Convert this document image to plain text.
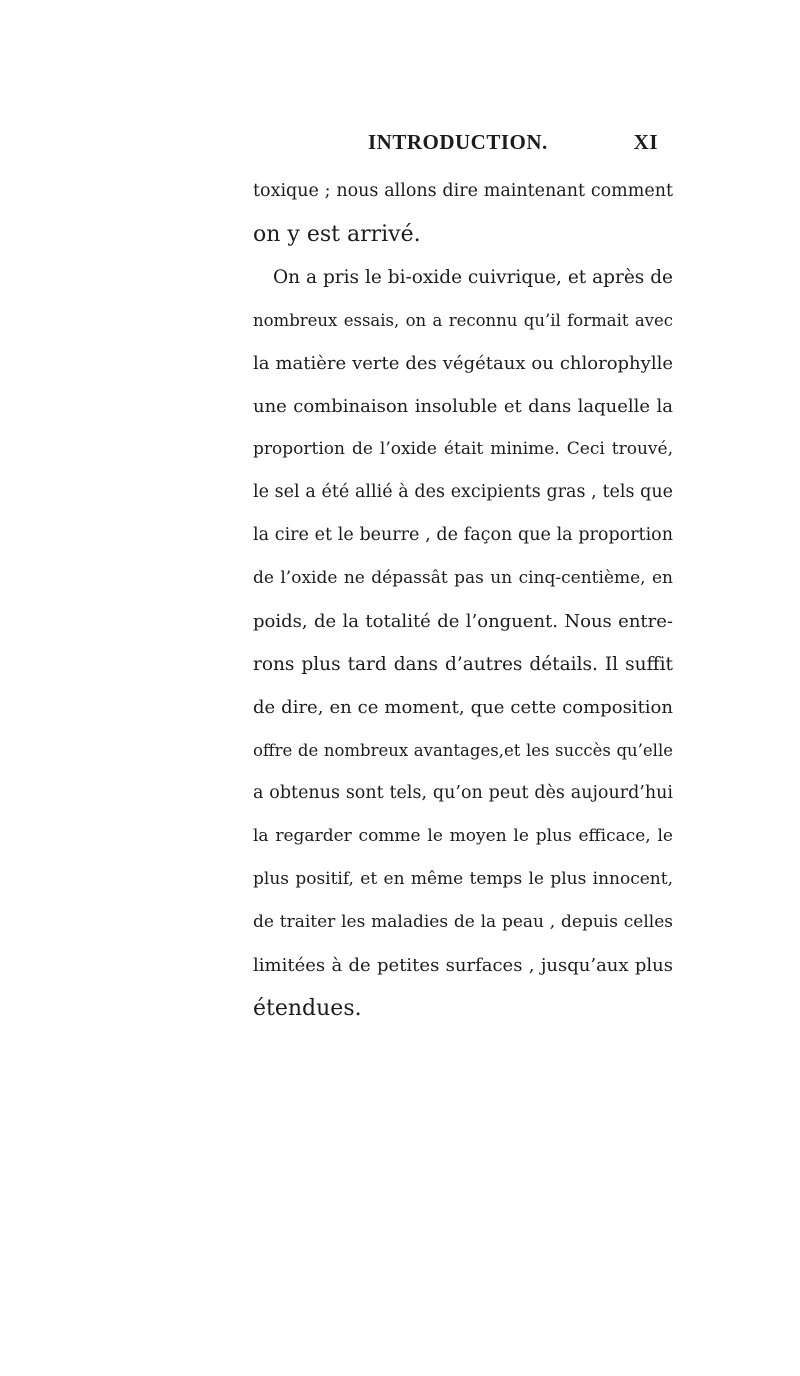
INTRODUCTION.	XI
toxique ; nous allons dire maintenant comment
on y est arrivé.
On a pris le bi-oxide cuivrique, et après de
nombreux essais, on a reconnu qu’il formait avec
la matière verte des végétaux ou chlorophylle
une combinaison insoluble et dans laquelle la
proportion de l’oxide était minime. Ceci trouvé,
le sel a été allié à des excipients gras , tels que
la cire et le beurre , de façon que la proportion
de l’oxide ne dépassât pas un cinq-centième, en
poids, de la totalité de l’onguent. Nous entre-
rons plus tard dans d’autres détails. Il suffit
de dire, en ce moment, que cette composition
offre de nombreux avantages,et les succès qu’elle
a obtenus sont tels, qu’on peut dès aujourd’hui
la regarder comme le moyen le plus efficace, le
plus positif, et en même temps le plus innocent,
de traiter les maladies de la peau , depuis celles
limitées à de petites surfaces , jusqu’aux plus
étendues.
